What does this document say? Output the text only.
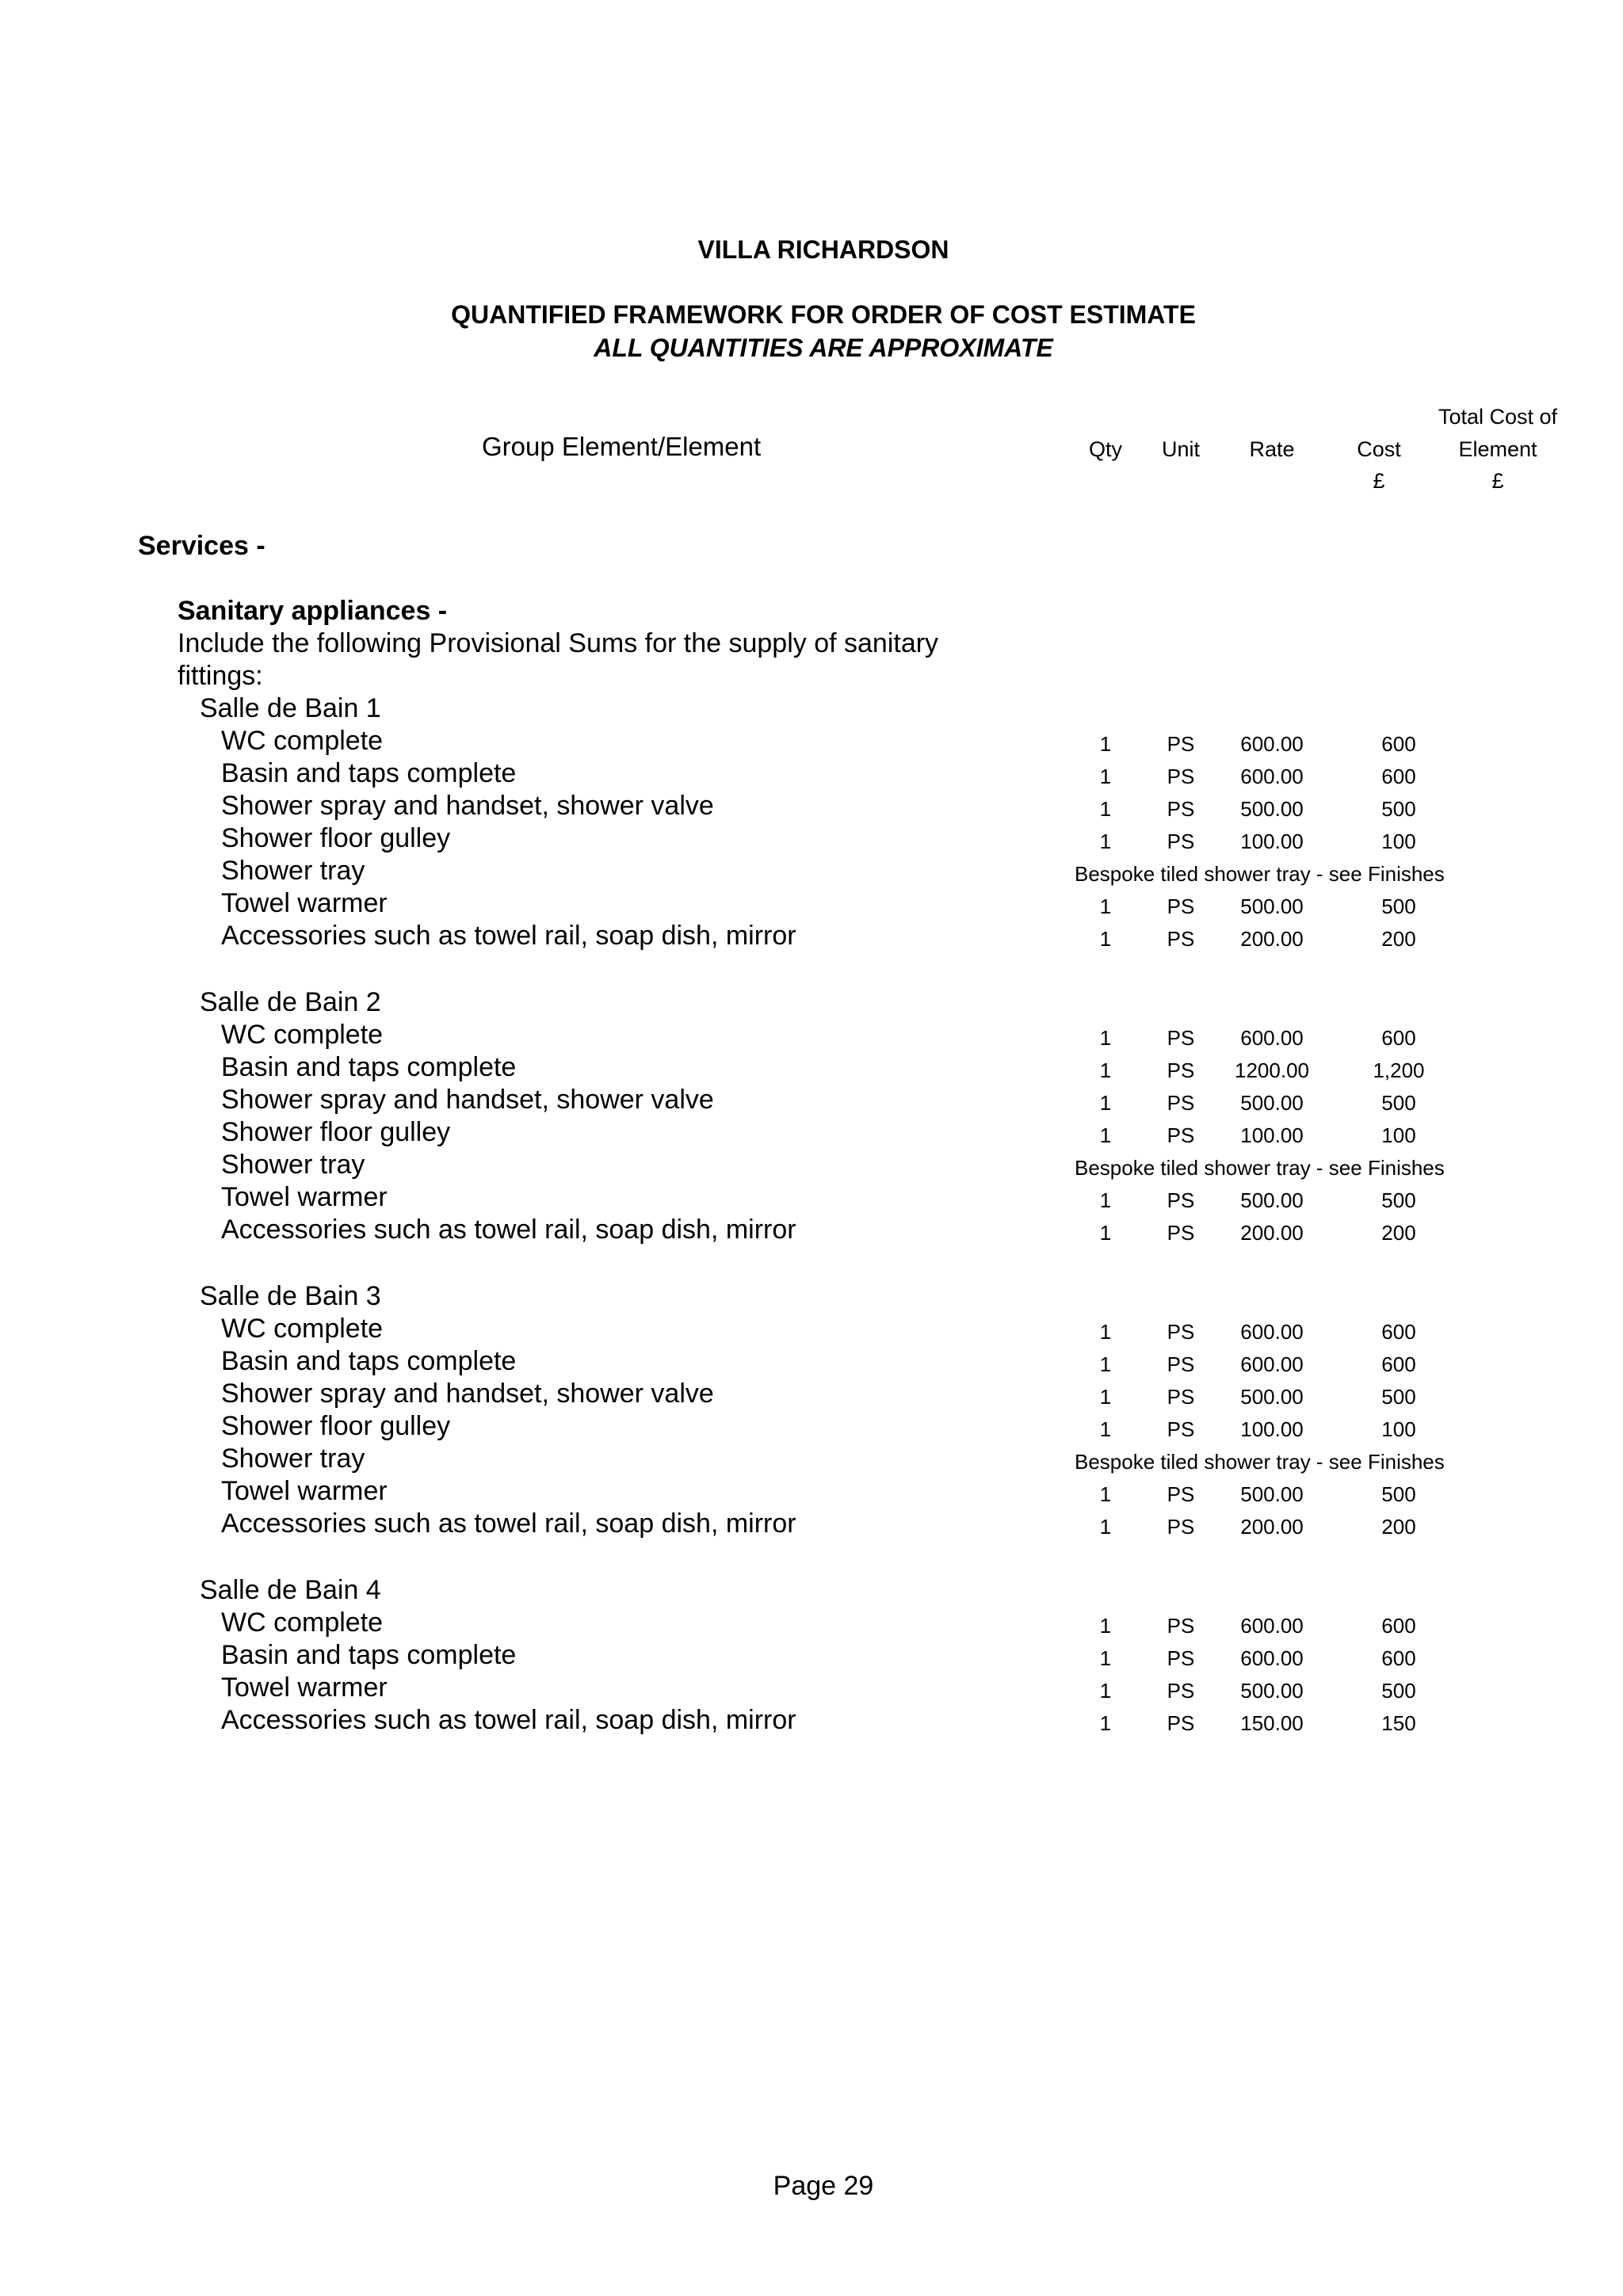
VILLA RICHARDSON
QUANTIFIED FRAMEWORK FOR ORDER OF COST ESTIMATE
ALL QUANTITIES ARE APPROXIMATE
Group Element/Element	Qty	Unit	Rate	Cost
£
Total Cost of
Element
£
Services -
Sanitary appliances -
Include the following Provisional Sums for the supply of sanitary
fittings:
Salle de Bain 1
WC complete	1	PS	600.00	600
Basin and taps complete	1	PS	600.00	600
Shower spray and handset, shower valve	1	PS	500.00	500
Shower floor gulley	1	PS	100.00	100
Shower tray	Bespoke tiled shower tray - see Finishes
Towel warmer	1	PS	500.00	500
Accessories such as towel rail, soap dish, mirror	1	PS	200.00	200
Salle de Bain 2
WC complete	1	PS	600.00	600
Basin and taps complete	1	PS	1200.00	1,200
Shower spray and handset, shower valve	1	PS	500.00	500
Shower floor gulley	1	PS	100.00	100
Shower tray	Bespoke tiled shower tray - see Finishes
Towel warmer	1	PS	500.00	500
Accessories such as towel rail, soap dish, mirror	1	PS	200.00	200
Salle de Bain 3
WC complete	1	PS	600.00	600
Basin and taps complete	1	PS	600.00	600
Shower spray and handset, shower valve	1	PS	500.00	500
Shower floor gulley	1	PS	100.00	100
Shower tray	Bespoke tiled shower tray - see Finishes
Towel warmer	1	PS	500.00	500
Accessories such as towel rail, soap dish, mirror	1	PS	200.00	200
Salle de Bain 4
WC complete	1	PS	600.00	600
Basin and taps complete	1	PS	600.00	600
Towel warmer	1	PS	500.00	500
Accessories such as towel rail, soap dish, mirror	1	PS	150.00	150
Page 29
